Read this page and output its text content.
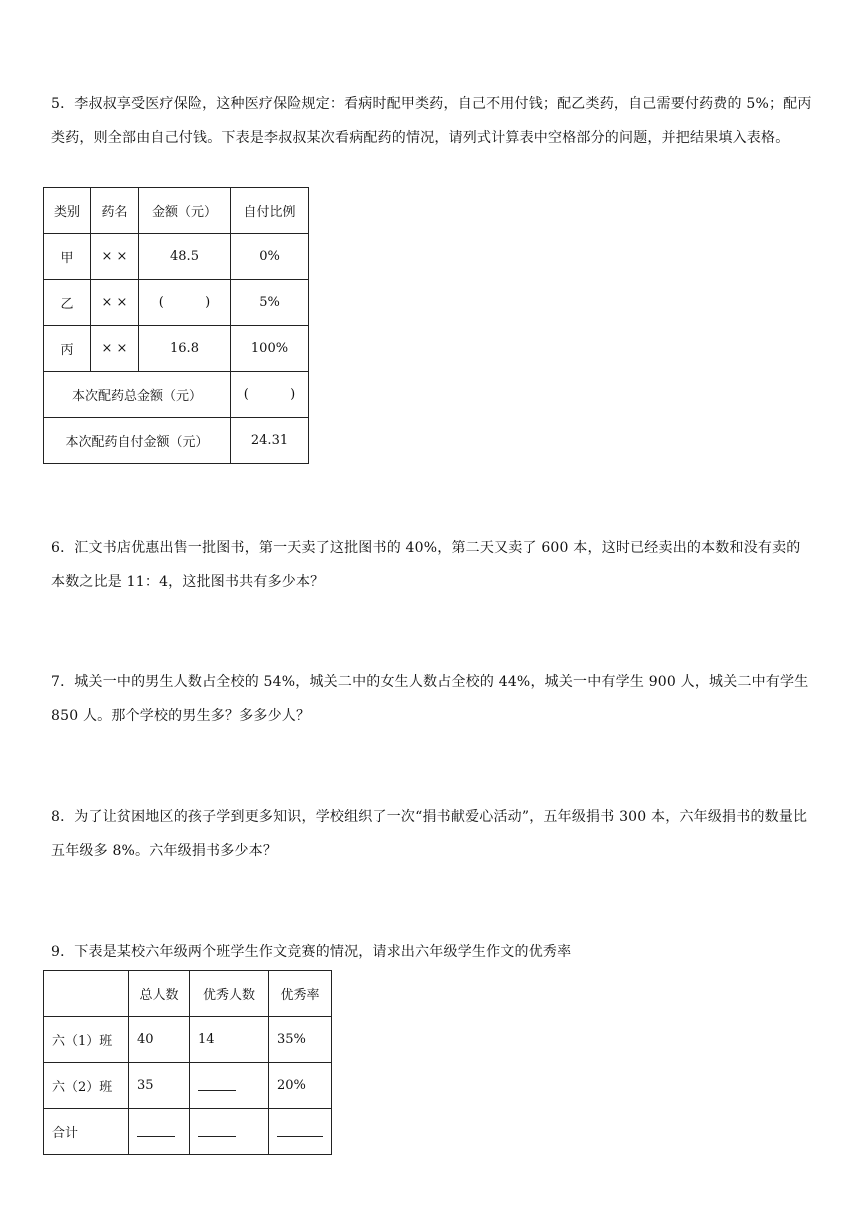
5．李叔叔享受医疗保险，这种医疗保险规定：看病时配甲类药，自己不用付钱；配乙类药，自己需要付药费的 5%；配丙类药，则全部由自己付钱。下表是李叔叔某次看病配药的情况，请列式计算表中空格部分的问题，并把结果填入表格。

类别	药名	金额（元）	自付比例
甲	× ×	48.5	0%
乙	× ×	(          )	5%
丙	× ×	16.8	100%
本次配药总金额（元）			(          )
本次配药自付金额（元）			24.31

6．汇文书店优惠出售一批图书，第一天卖了这批图书的 40%，第二天又卖了 600 本，这时已经卖出的本数和没有卖的本数之比是 11：4，这批图书共有多少本？

7．城关一中的男生人数占全校的 54%，城关二中的女生人数占全校的 44%，城关一中有学生 900 人，城关二中有学生 850 人。那个学校的男生多？多多少人？

8．为了让贫困地区的孩子学到更多知识，学校组织了一次“捐书献爱心活动”，五年级捐书 300 本，六年级捐书的数量比五年级多 8%。六年级捐书多少本？

9．下表是某校六年级两个班学生作文竞赛的情况，请求出六年级学生作文的优秀率

	总人数	优秀人数	优秀率
六（1）班	40	14	35%
六（2）班	35		20%
合计			
